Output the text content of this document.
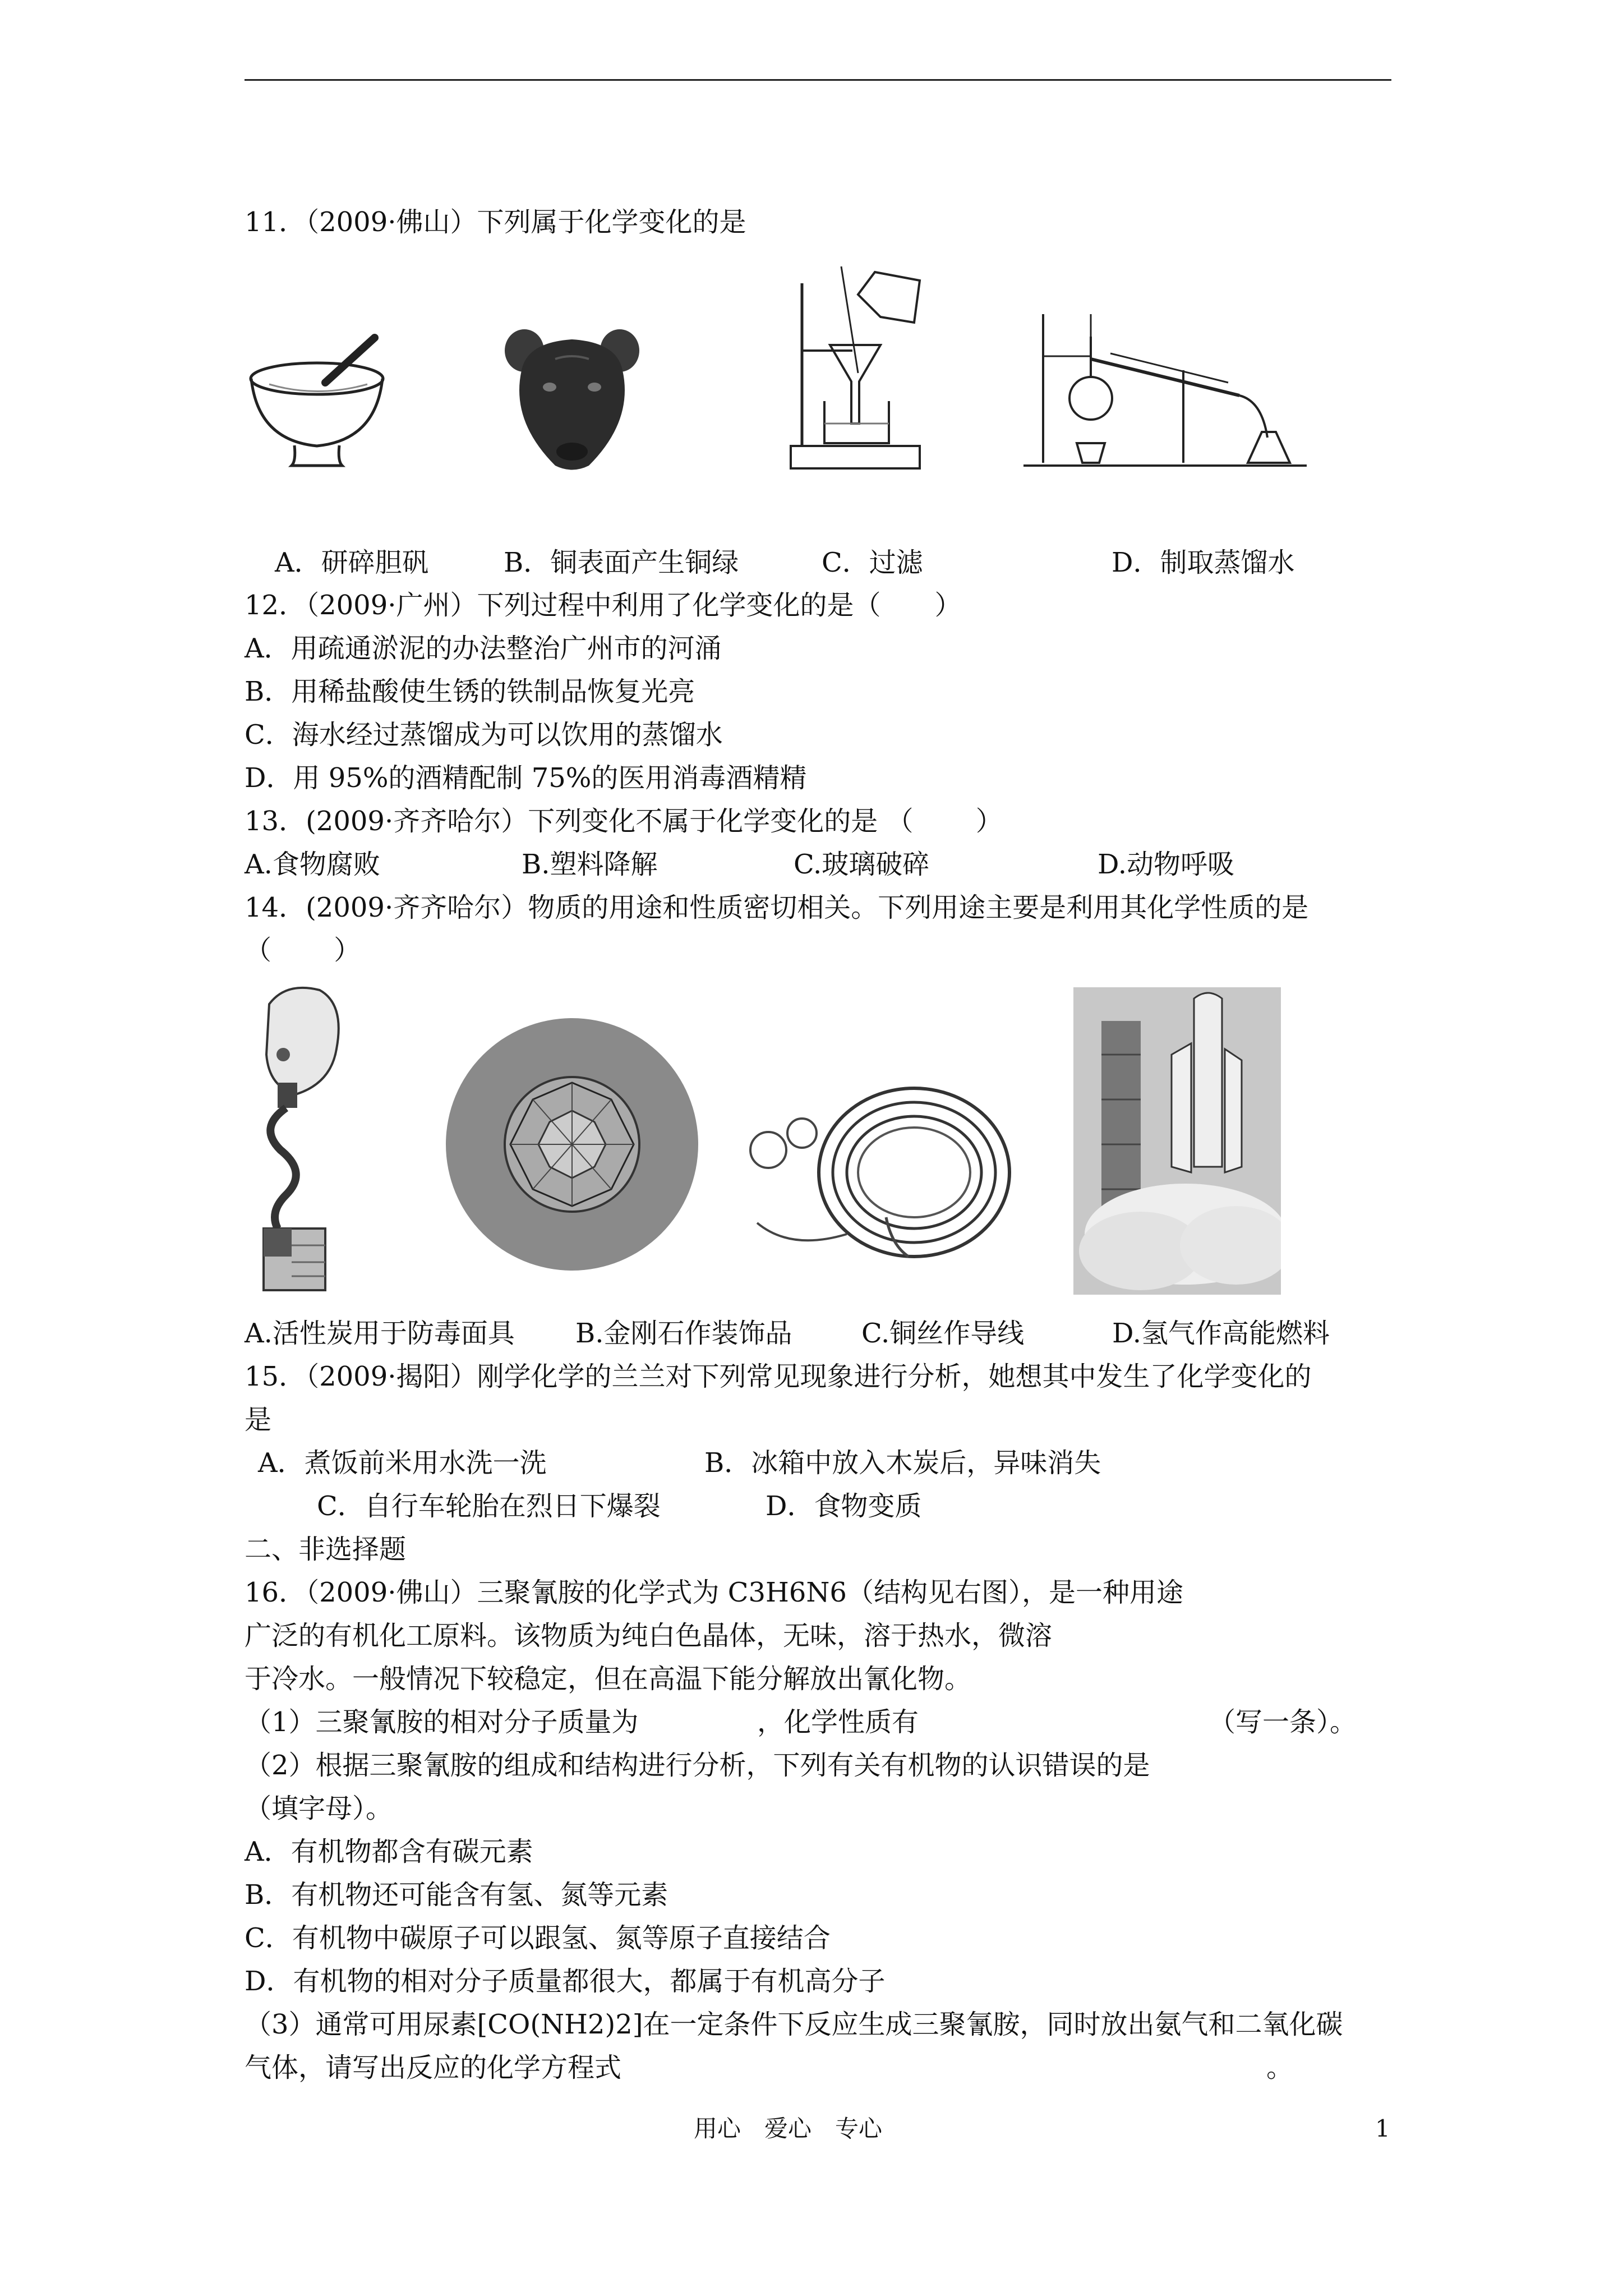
11．（2009·佛山）下列属于化学变化的是
A．研碎胆矾	B．铜表面产生铜绿	C．过滤	D．制取蒸馏水
12．（2009·广州）下列过程中利用了化学变化的是（　　）
A．用疏通淤泥的办法整治广州市的河涌
B．用稀盐酸使生锈的铁制品恢复光亮
C．海水经过蒸馏成为可以饮用的蒸馏水
D．用 95%的酒精配制 75%的医用消毒酒精精
13．(2009·齐齐哈尔）下列变化不属于化学变化的是 （　　 ）
A.食物腐败	B.塑料降解	C.玻璃破碎	D.动物呼吸
14．(2009·齐齐哈尔）物质的用途和性质密切相关。下列用途主要是利用其化学性质的是
（　　 ）
A.活性炭用于防毒面具 B.金刚石作装饰品	C.铜丝作导线	D.氢气作高能燃料
15．（2009·揭阳）刚学化学的兰兰对下列常见现象进行分析，她想其中发生了化学变化的
是
A．煮饭前米用水洗一洗	B．冰箱中放入木炭后，异味消失
C．自行车轮胎在烈日下爆裂	D．食物变质
二、非选择题
16．（2009·佛山）三聚氰胺的化学式为 C3H6N6（结构见右图），是一种用途
广泛的有机化工原料。该物质为纯白色晶体，无味，溶于热水，微溶
于冷水。一般情况下较稳定，但在高温下能分解放出氰化物。
（1）三聚氰胺的相对分子质量为	，化学性质有	（写一条）。
（2）根据三聚氰胺的组成和结构进行分析，下列有关有机物的认识错误的是
（填字母）。
A．有机物都含有碳元素
B．有机物还可能含有氢、氮等元素
C．有机物中碳原子可以跟氢、氮等原子直接结合
D．有机物的相对分子质量都很大，都属于有机高分子
（3）通常可用尿素[CO(NH2)2]在一定条件下反应生成三聚氰胺，同时放出氨气和二氧化碳
气体，请写出反应的化学方程式	。
用心　爱心　专心	1
